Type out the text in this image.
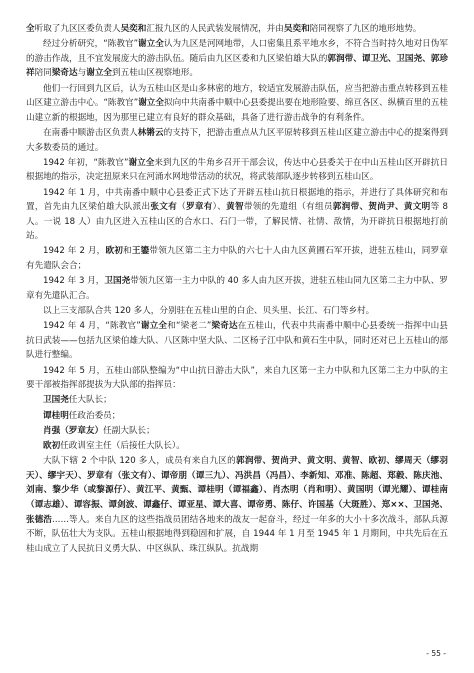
全听取了九区区委负责人吴奕和汇报九区的人民武装发展情况，并由吴奕和陪同视察了九区的地形地势。

经过分析研究，“陈教官”谢立全认为九区是河网地带，人口密集且系平地水乡，不符合当时持久地对日伪军的游击作战，且不宜发展庞大的游击队伍。随后由九区区委和九区梁伯雄大队的郭润带、谭卫光、卫国尧、郭珍祥陪同梁奇达与谢立全到五桂山区视察地形。

他们一行回到九区后，认为五桂山区是山多林密的地方，较适宜发展游击队伍，应当把游击重点转移到五桂山区建立游击中心。“陈教官”谢立全拟向中共南番中顺中心县委提出要在地形险要、绵亘各区、纵横百里的五桂山建立新的根据地，因为那里已建立有良好的群众基础，具备了进行游击战争的有利条件。

在南番中顺游击区负责人林锵云的支持下，把游击重点从九区平原转移到五桂山区建立游击中心的提案得到大多数委员的通过。

1942 年初，“陈教官”谢立全来到九区的牛角乡召开干部会议，传达中心县委关于在中山五桂山区开辟抗日根据地的指示，决定扭原来只在河涌水网地带活动的状况，将武装部队逐步转移到五桂山区。

1942 年 1 月，中共南番中顺中心县委正式下达了开辟五桂山抗日根据地的指示，并进行了具体研究和布置，首先由九区梁伯雄大队派出张文有（罗章有）、黄智带领的先遣组（有组员郭润带、贺尚尹、黄文明等 8 人。一说 18 人）由九区进入五桂山区的合水口、石门一带，了解民情、社情、敌情，为开辟抗日根据地打前站。

1942 年 2 月，欧初和王鎏带领九区第二主力中队的六七十人由九区黄圃石军开拔，进驻五桂山，同罗章有先遣队会合；

1942 年 3 月，卫国尧带领九区第一主力中队的 40 多人由九区开拔，进驻五桂山同九区第二主力中队、罗章有先遣队汇合。

以上三支部队合共 120 多人，分别驻在五桂山里的白企、贝头里、长江、石门等乡村。

1942 年 4 月，“陈教官”谢立全和“梁老二”梁奇达在五桂山，代表中共南番中顺中心县委统一指挥中山县抗日武装——包括九区梁伯雄大队、八区陈中坚大队、二区杨子江中队和黄石生中队，同时还对已上五桂山的部队进行整编。

1942 年 5 月，五桂山部队整编为“中山抗日游击大队”，来自九区第一主力中队和九区第二主力中队的主要干部被指挥部提拔为大队部的指挥员：

卫国尧任大队长；

谭桂明任政治委员；

肖强（罗章友）任副大队长；

欧初任政训室主任（后接任大队长）。

大队下辖 2 个中队 120 多人，成员有来自九区的郭润带、贺尚尹、黄文明、黄智、欧初、缪周天（缪羽天）、缪宇天）、罗章有（张文有）、谭帝朋（谭三九）、冯洪昌（冯昌）、李新知、邓准、陈超、郑毅、陈庆池、刘南、黎少华（或黎源仔）、黄江平、黄甄、谭桂明（谭福鑫）、肖杰明（肖和明）、黄国明（谭光耀）、谭桂南（谭志雄）、谭容振、谭剑波、谭鑫仔、谭亚星、谭大喜、谭帝勇、陈仔、许国基（大斑胜）、郑××、卫国尧、张德浩……等人。来自九区的这些指战员团结各地来的战友一起奋斗，经过一年多的大小十多次战斗，部队兵源不断，队伍壮大为支队。五桂山根据地得到稳固和扩展，自 1944 年 1 月至 1945 年 1 月期间，中共先后在五桂山成立了人民抗日义勇大队、中区纵队、珠江纵队。抗战期

- 55 -
